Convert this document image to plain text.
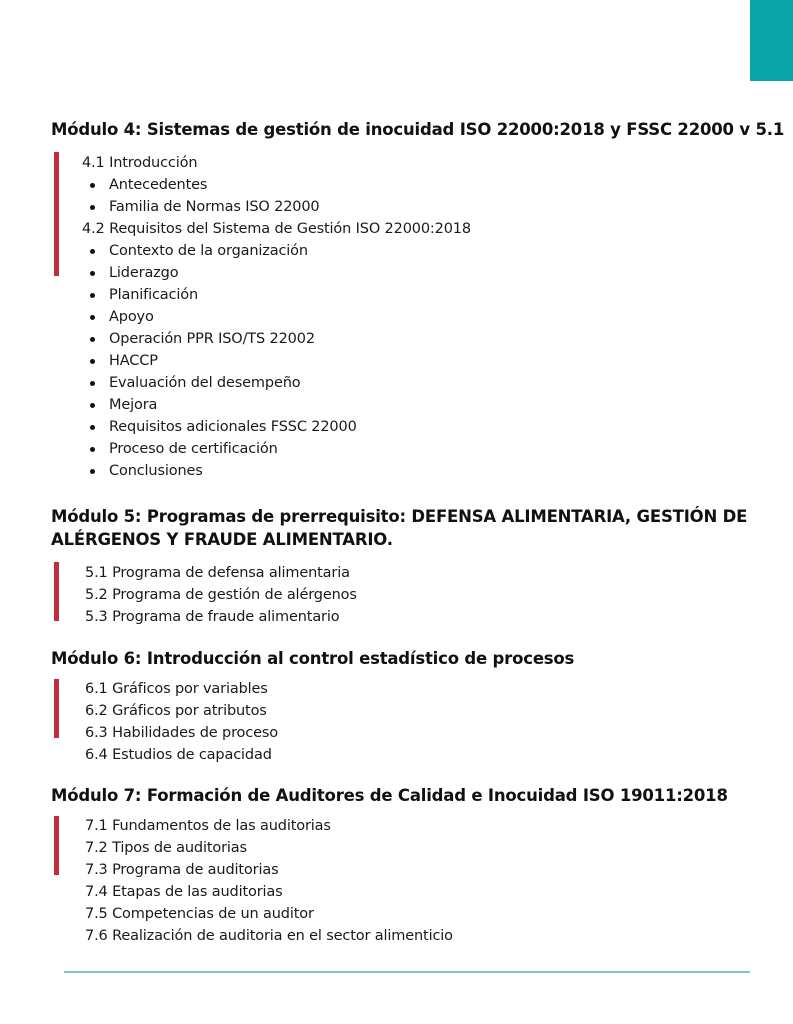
Módulo 4: Sistemas de gestión de inocuidad ISO 22000:2018 y FSSC 22000 v 5.1
4.1 Introducción
Antecedentes
Familia de Normas ISO 22000
4.2 Requisitos del Sistema de Gestión ISO 22000:2018
Contexto de la organización
Liderazgo
Planificación
Apoyo
Operación PPR ISO/TS 22002
HACCP
Evaluación del desempeño
Mejora
Requisitos adicionales FSSC 22000
Proceso de certificación
Conclusiones
Módulo 5: Programas de prerrequisito: DEFENSA ALIMENTARIA, GESTIÓN DE
ALÉRGENOS Y FRAUDE ALIMENTARIO.
5.1 Programa de defensa alimentaria
5.2 Programa de gestión de alérgenos
5.3 Programa de fraude alimentario
Módulo 6: Introducción al control estadístico de procesos
6.1 Gráficos por variables
6.2 Gráficos por atributos
6.3 Habilidades de proceso
6.4 Estudios de capacidad
Módulo 7: Formación de Auditores de Calidad e Inocuidad ISO 19011:2018
7.1 Fundamentos de las auditorias
7.2 Tipos de auditorias
7.3 Programa de auditorias
7.4 Etapas de las auditorias
7.5 Competencias de un auditor
7.6 Realización de auditoria en el sector alimenticio
